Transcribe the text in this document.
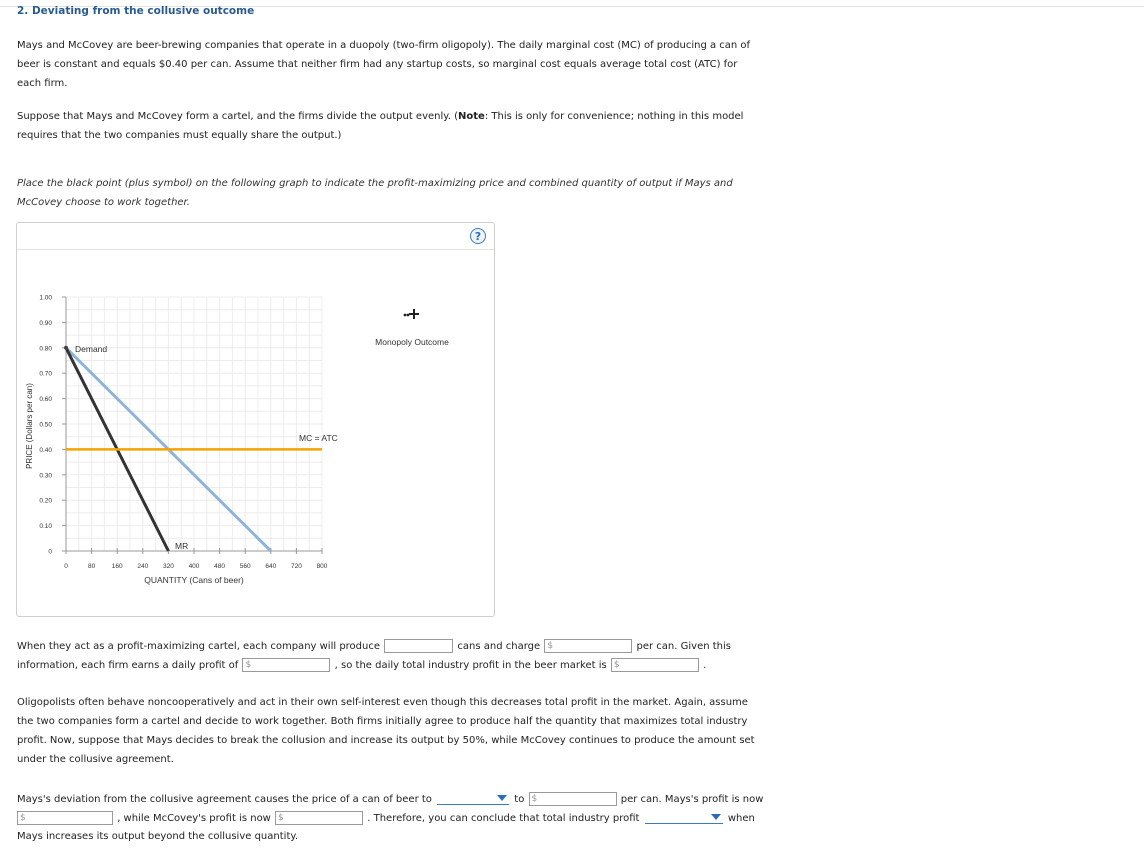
2. Deviating from the collusive outcome
Mays and McCovey are beer-brewing companies that operate in a duopoly (two-firm oligopoly). The daily marginal cost (MC) of producing a can of beer is constant and equals $0.40 per can. Assume that neither firm had any startup costs, so marginal cost equals average total cost (ATC) for each firm.
Suppose that Mays and McCovey form a cartel, and the firms divide the output evenly. (Note: This is only for convenience; nothing in this model requires that the two companies must equally share the output.)
Place the black point (plus symbol) on the following graph to indicate the profit-maximizing price and combined quantity of output if Mays and McCovey choose to work together.
?
1.00
0.90
0.80
0.70
0.60
0.50
0.40
0.30
0.20
0.10
0
0	80	160 240 320 400 480 560 640 720 800
PRICE (Dollars per can)
QUANTITY (Cans of beer)
Demand
MR
MC = ATC
Monopoly Outcome
When they act as a profit-maximizing cartel, each company will produce	cans and charge $	per can. Given this
information, each firm earns a daily profit of $	, so the daily total industry profit in the beer market is $	.
Oligopolists often behave noncooperatively and act in their own self-interest even though this decreases total profit in the market. Again, assume the two companies form a cartel and decide to work together. Both firms initially agree to produce half the quantity that maximizes total industry profit. Now, suppose that Mays decides to break the collusion and increase its output by 50%, while McCovey continues to produce the amount set under the collusive agreement.
Mays's deviation from the collusive agreement causes the price of a can of beer to	to $	per can. Mays's profit is now
$	, while McCovey's profit is now $	. Therefore, you can conclude that total industry profit	when
Mays increases its output beyond the collusive quantity.
